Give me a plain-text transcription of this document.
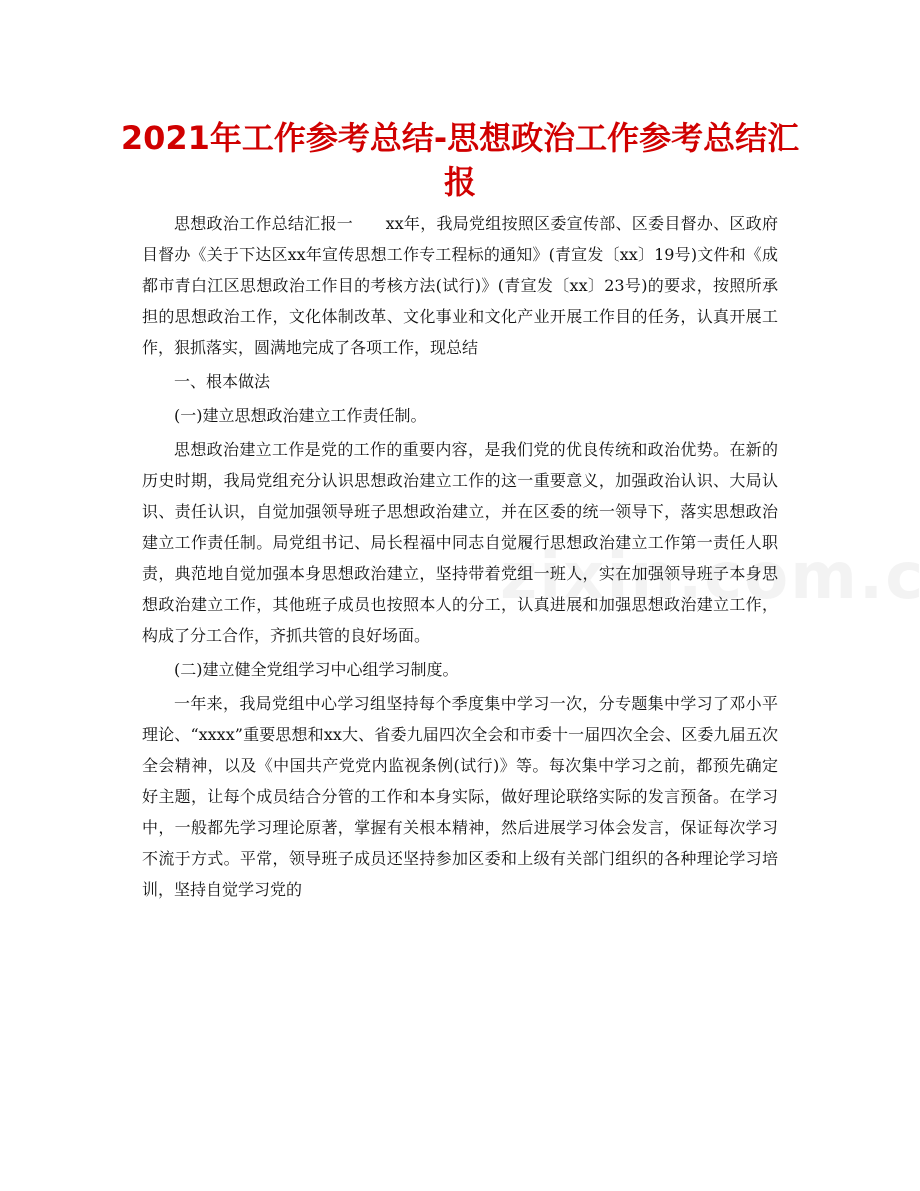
2021年工作参考总结-思想政治工作参考总结汇报

思想政治工作总结汇报一　　xx年，我局党组按照区委宣传部、区委目督办、区政府目督办《关于下达区xx年宣传思想工作专工程标的通知》(青宣发〔xx〕19号)文件和《成都市青白江区思想政治工作目的考核方法(试行)》(青宣发〔xx〕23号)的要求，按照所承担的思想政治工作，文化体制改革、文化事业和文化产业开展工作目的任务，认真开展工作，狠抓落实，圆满地完成了各项工作，现总结

一、根本做法

(一)建立思想政治建立工作责任制。

思想政治建立工作是党的工作的重要内容，是我们党的优良传统和政治优势。在新的历史时期，我局党组充分认识思想政治建立工作的这一重要意义，加强政治认识、大局认识、责任认识，自觉加强领导班子思想政治建立，并在区委的统一领导下，落实思想政治建立工作责任制。局党组书记、局长程福中同志自觉履行思想政治建立工作第一责任人职责，典范地自觉加强本身思想政治建立，坚持带着党组一班人，实在加强领导班子本身思想政治建立工作，其他班子成员也按照本人的分工，认真进展和加强思想政治建立工作，构成了分工合作，齐抓共管的良好场面。

(二)建立健全党组学习中心组学习制度。

一年来，我局党组中心学习组坚持每个季度集中学习一次，分专题集中学习了邓小平理论、“xxxx”重要思想和xx大、省委九届四次全会和市委十一届四次全会、区委九届五次全会精神，以及《中国共产党党内监视条例(试行)》等。每次集中学习之前，都预先确定好主题，让每个成员结合分管的工作和本身实际，做好理论联络实际的发言预备。在学习中，一般都先学习理论原著，掌握有关根本精神，然后进展学习体会发言，保证每次学习不流于方式。平常，领导班子成员还坚持参加区委和上级有关部门组织的各种理论学习培训，坚持自觉学习党的
